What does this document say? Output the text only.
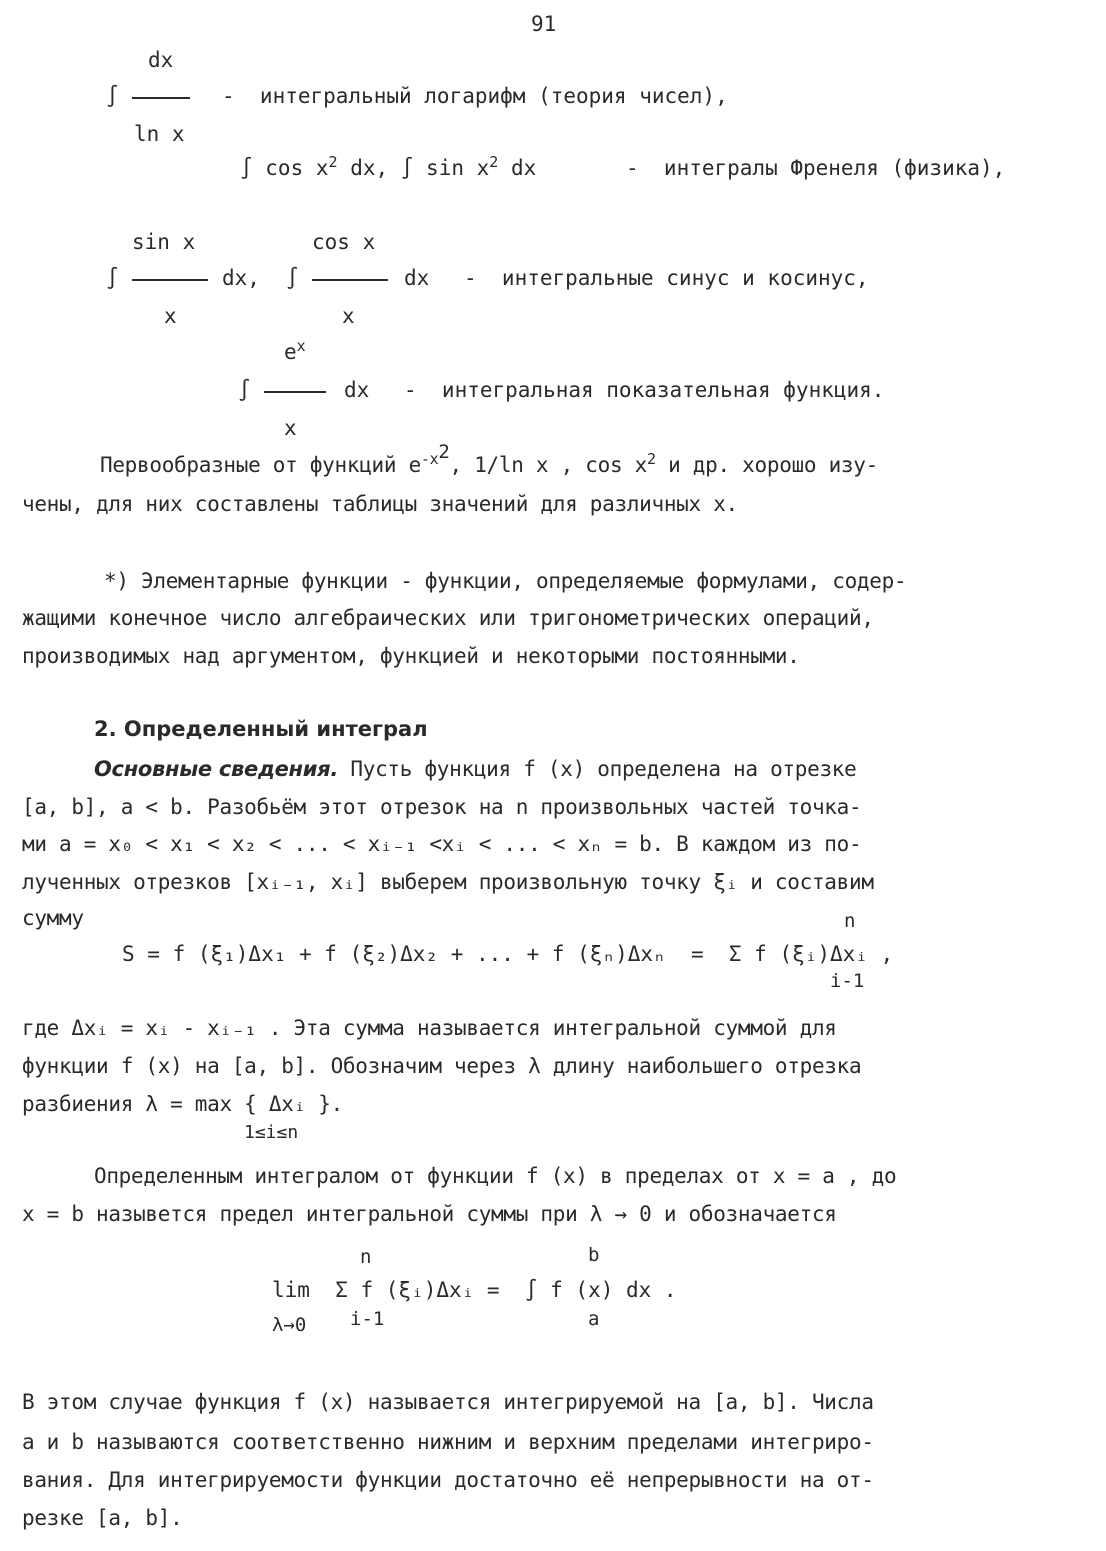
91
dx
∫	-  интегральный логарифм (теория чисел),
ln x
∫ $\cos x^2$ dx, ∫ $\sin x^2$ dx	-  интегралы Френеля (физика),
sin x	cos x
∫	dx, ∫	dx -  интегральные синус и косинус,
x	x
$e^x$
∫	dx -  интегральная показательная функция.
x
Первообразные от функций $e^{-x^2}$, 1/ln x , $\cos x^2$ и др. хорошо изу-
чены, для них составлены таблицы значений для различных x.
*) Элементарные функции - функции, определяемые формулами, содер-
жащими конечное число алгебраических или тригонометрических операций,
производимых над аргументом, функцией и некоторыми постоянными.
2. Определенный интеграл
Основные сведения. Пусть функция f (x) определена на отрезке
[a, b], a < b. Разобьём этот отрезок на n произвольных частей точка-
ми a = x₀ < x₁ < x₂ < ... < xᵢ₋₁ <xᵢ < ... < xₙ = b. В каждом из по-
лученных отрезков [xᵢ₋₁, xᵢ] выберем произвольную точку ξᵢ и составим
сумму	n
S = f (ξ₁)Δx₁ + f (ξ₂)Δx₂ + ... + f (ξₙ)Δxₙ  =  Σ f (ξᵢ)Δxᵢ ,
i-1
где Δxᵢ = xᵢ - xᵢ₋₁ . Эта сумма называется интегральной суммой для
функции f (x) на [a, b]. Обозначим через λ длину наибольшего отрезка
разбиения λ = max { Δxᵢ }.
1≤i≤n
Определенным интегралом от функции f (x) в пределах от x = a , до
x = b назывется предел интегральной суммы при λ → 0 и обозначается
n	b
lim  Σ f (ξᵢ)Δxᵢ =  ∫ f (x) dx .
λ→0 i-1	a
В этом случае функция f (x) называется интегрируемой на [a, b]. Числа
a и b называются соответственно нижним и верхним пределами интегриро-
вания. Для интегрируемости функции достаточно её непрерывности на от-
резке [a, b].
